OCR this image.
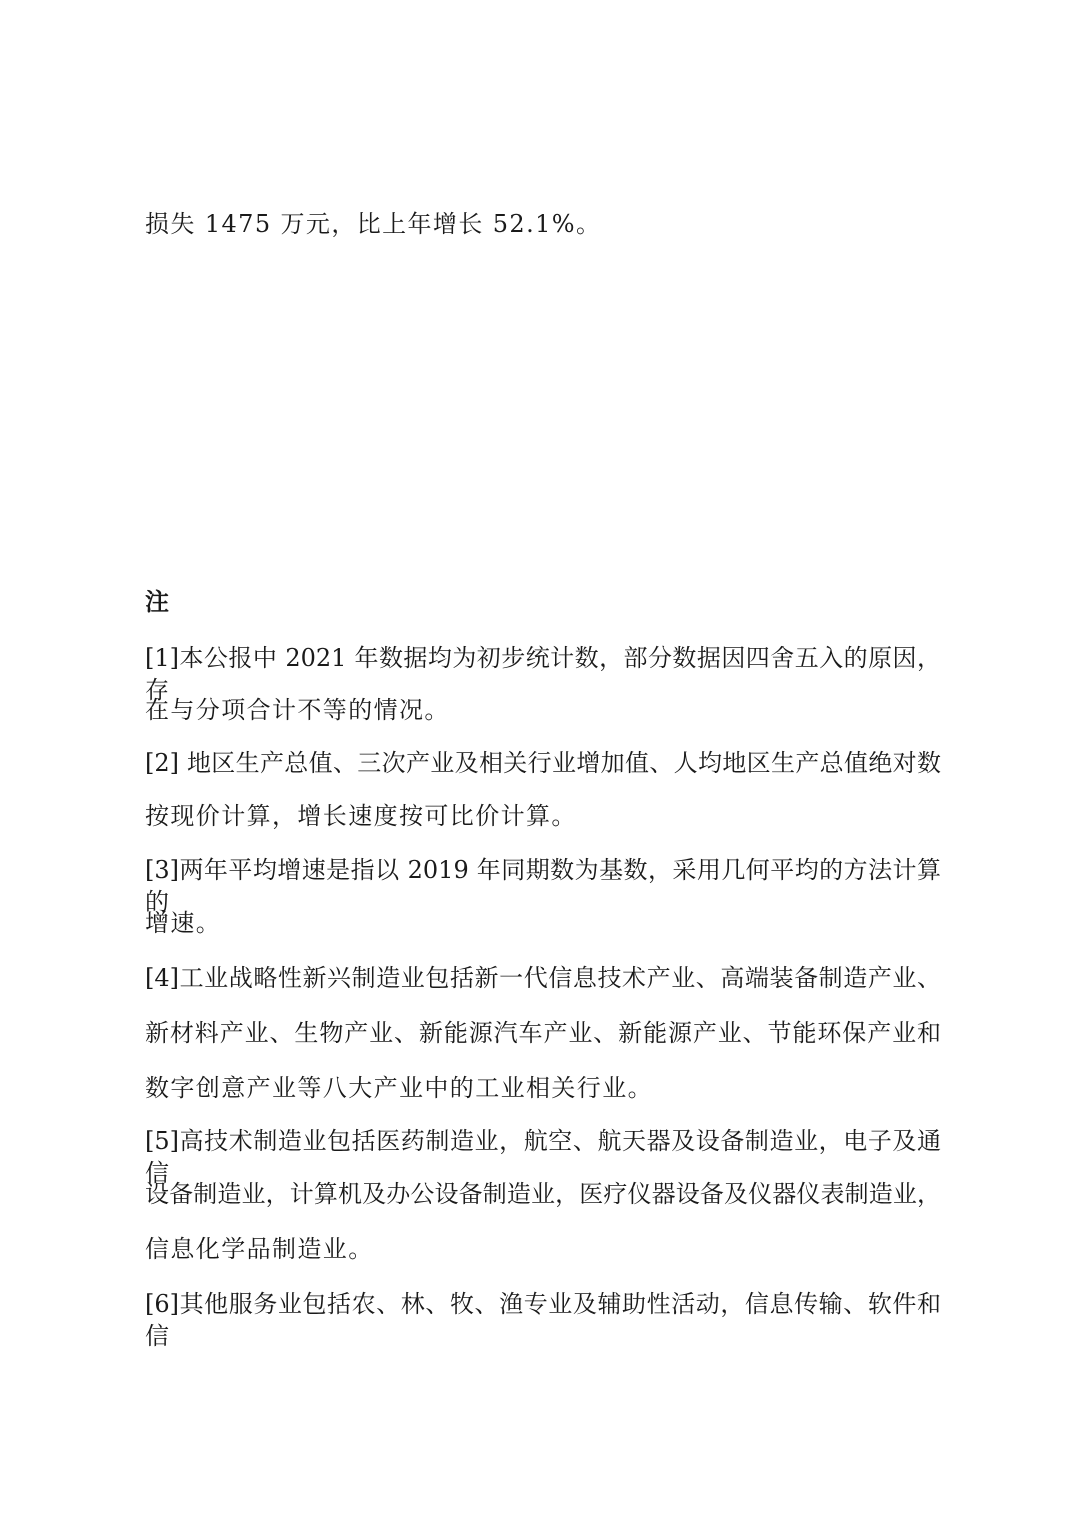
损失 1475 万元，比上年增长 52.1%。
注
[1]本公报中 2021 年数据均为初步统计数，部分数据因四舍五入的原因，存
在与分项合计不等的情况。
[2] 地区生产总值、三次产业及相关行业增加值、人均地区生产总值绝对数
按现价计算，增长速度按可比价计算。
[3]两年平均增速是指以 2019 年同期数为基数，采用几何平均的方法计算的
增速。
[4]工业战略性新兴制造业包括新一代信息技术产业、高端装备制造产业、
新材料产业、生物产业、新能源汽车产业、新能源产业、节能环保产业和
数字创意产业等八大产业中的工业相关行业。
[5]高技术制造业包括医药制造业，航空、航天器及设备制造业，电子及通信
设备制造业，计算机及办公设备制造业，医疗仪器设备及仪器仪表制造业，
信息化学品制造业。
[6]其他服务业包括农、林、牧、渔专业及辅助性活动，信息传输、软件和信
